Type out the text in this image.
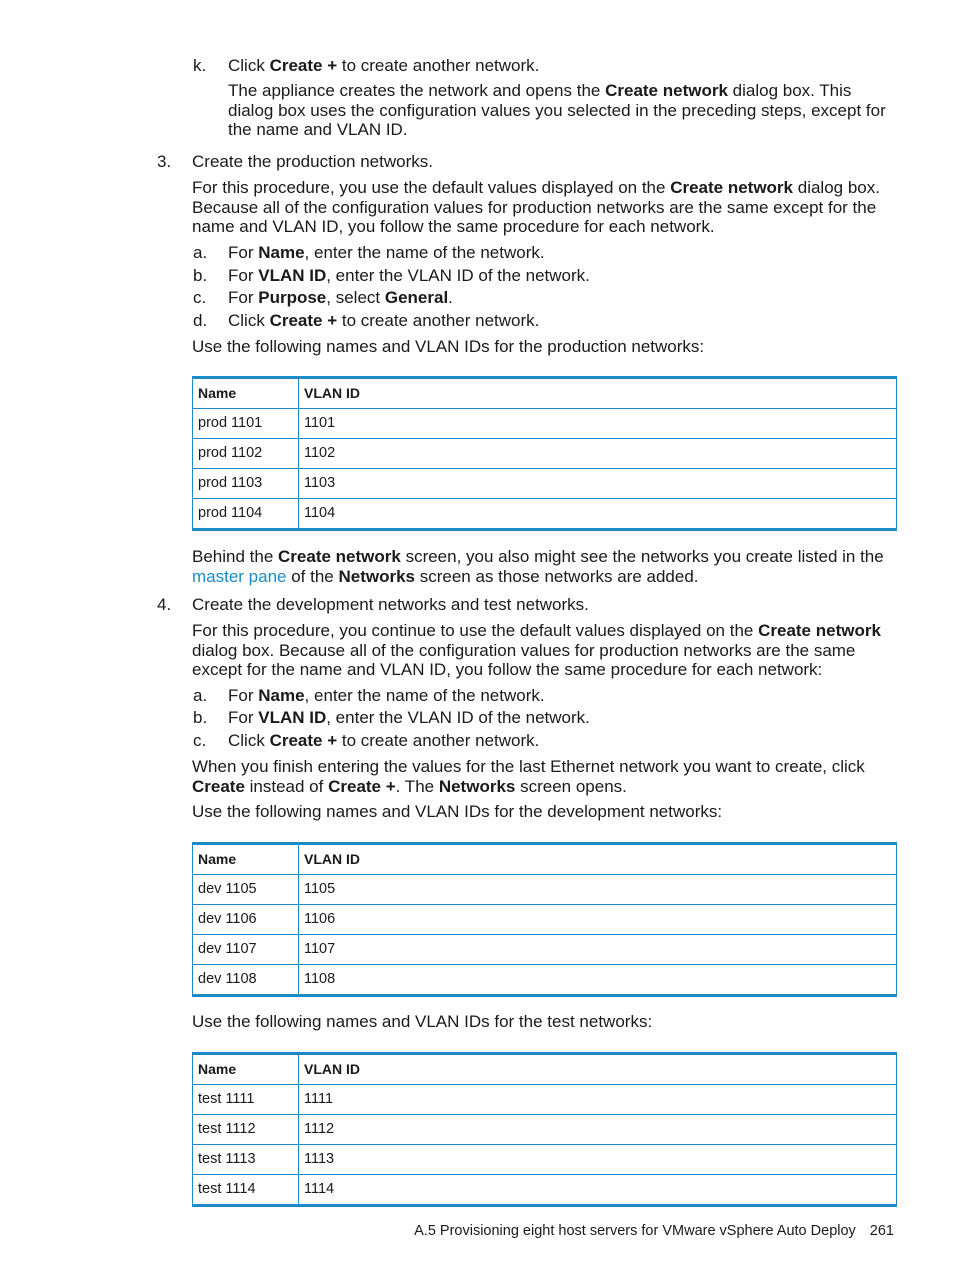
k. Click Create + to create another network.
The appliance creates the network and opens the Create network dialog box. This dialog box uses the configuration values you selected in the preceding steps, except for the name and VLAN ID.
3. Create the production networks.
For this procedure, you use the default values displayed on the Create network dialog box. Because all of the configuration values for production networks are the same except for the name and VLAN ID, you follow the same procedure for each network.
a. For Name, enter the name of the network.
b. For VLAN ID, enter the VLAN ID of the network.
c. For Purpose, select General.
d. Click Create + to create another network.
Use the following names and VLAN IDs for the production networks:
Name	VLAN ID
prod 1101	1101
prod 1102	1102
prod 1103	1103
prod 1104	1104
Behind the Create network screen, you also might see the networks you create listed in the master pane of the Networks screen as those networks are added.
4. Create the development networks and test networks.
For this procedure, you continue to use the default values displayed on the Create network dialog box. Because all of the configuration values for production networks are the same except for the name and VLAN ID, you follow the same procedure for each network:
a. For Name, enter the name of the network.
b. For VLAN ID, enter the VLAN ID of the network.
c. Click Create + to create another network.
When you finish entering the values for the last Ethernet network you want to create, click Create instead of Create +. The Networks screen opens.
Use the following names and VLAN IDs for the development networks:
Name	VLAN ID
dev 1105	1105
dev 1106	1106
dev 1107	1107
dev 1108	1108
Use the following names and VLAN IDs for the test networks:
Name	VLAN ID
test 1111	1111
test 1112	1112
test 1113	1113
test 1114	1114
A.5 Provisioning eight host servers for VMware vSphere Auto Deploy 261
